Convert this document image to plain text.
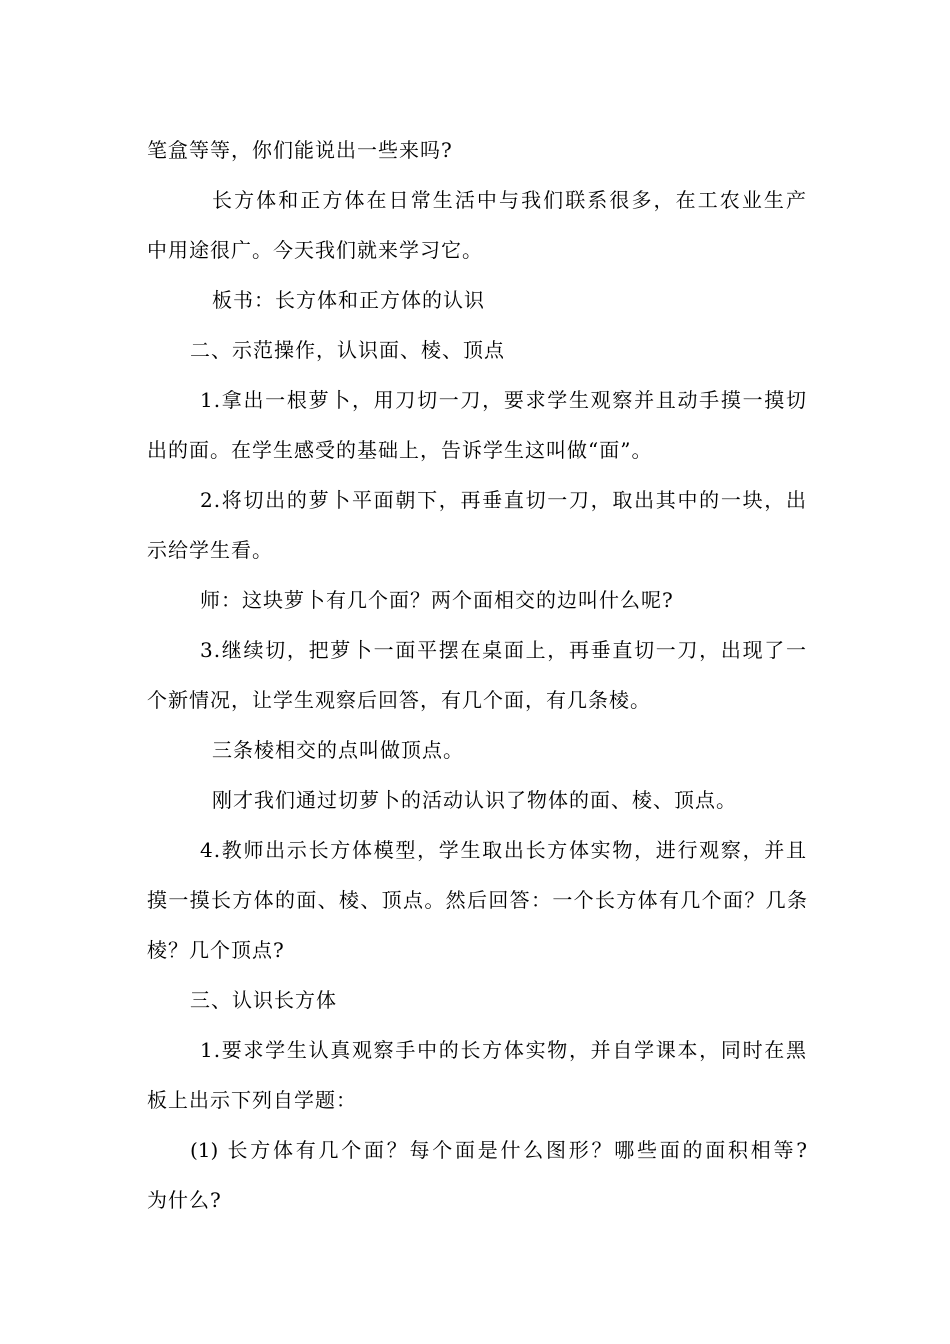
笔盒等等，你们能说出一些来吗?
长方体和正方体在日常生活中与我们联系很多，在工农业生产
中用途很广。今天我们就来学习它。
板书：长方体和正方体的认识
二、示范操作，认识面、棱、顶点
1.拿出一根萝卜，用刀切一刀，要求学生观察并且动手摸一摸切
出的面。在学生感受的基础上，告诉学生这叫做“面”。
2.将切出的萝卜平面朝下，再垂直切一刀，取出其中的一块，出
示给学生看。
师：这块萝卜有几个面？两个面相交的边叫什么呢?
3.继续切，把萝卜一面平摆在桌面上，再垂直切一刀，出现了一
个新情况，让学生观察后回答，有几个面，有几条棱。
三条棱相交的点叫做顶点。
刚才我们通过切萝卜的活动认识了物体的面、棱、顶点。
4.教师出示长方体模型，学生取出长方体实物，进行观察，并且
摸一摸长方体的面、棱、顶点。然后回答：一个长方体有几个面？几条
棱？几个顶点?
三、认识长方体
1.要求学生认真观察手中的长方体实物，并自学课本，同时在黑
板上出示下列自学题：
(1) 长方体有几个面？每个面是什么图形？哪些面的面积相等?
为什么?
